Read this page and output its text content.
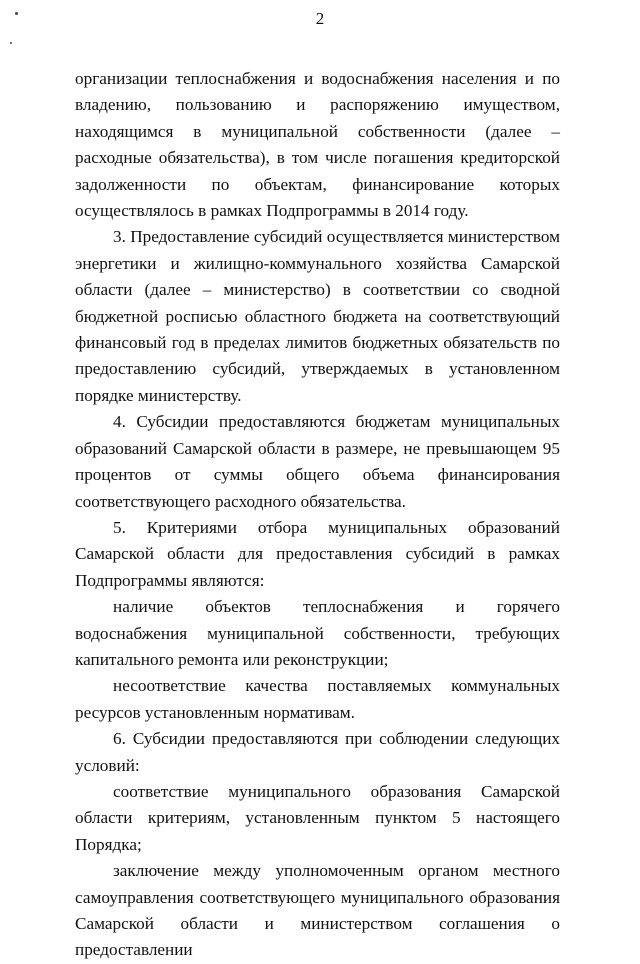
2

организации теплоснабжения и водоснабжения населения и по владению, пользованию и распоряжению имуществом, находящимся в муниципальной собственности (далее – расходные обязательства), в том числе погашения кредиторской задолженности по объектам, финансирование которых осуществлялось в рамках Подпрограммы в 2014 году.

3. Предоставление субсидий осуществляется министерством энергетики и жилищно-коммунального хозяйства Самарской области (далее – министерство) в соответствии со сводной бюджетной росписью областного бюджета на соответствующий финансовый год в пределах лимитов бюджетных обязательств по предоставлению субсидий, утверждаемых в установленном порядке министерству.

4. Субсидии предоставляются бюджетам муниципальных образований Самарской области в размере, не превышающем 95 процентов от суммы общего объема финансирования соответствующего расходного обязательства.

5. Критериями отбора муниципальных образований Самарской области для предоставления субсидий в рамках Подпрограммы являются:

наличие объектов теплоснабжения и горячего водоснабжения муниципальной собственности, требующих капитального ремонта или реконструкции;

несоответствие качества поставляемых коммунальных ресурсов установленным нормативам.

6. Субсидии предоставляются при соблюдении следующих условий:

соответствие муниципального образования Самарской области критериям, установленным пунктом 5 настоящего Порядка;

заключение между уполномоченным органом местного самоуправления соответствующего муниципального образования Самарской области и министерством соглашения о предоставлении
